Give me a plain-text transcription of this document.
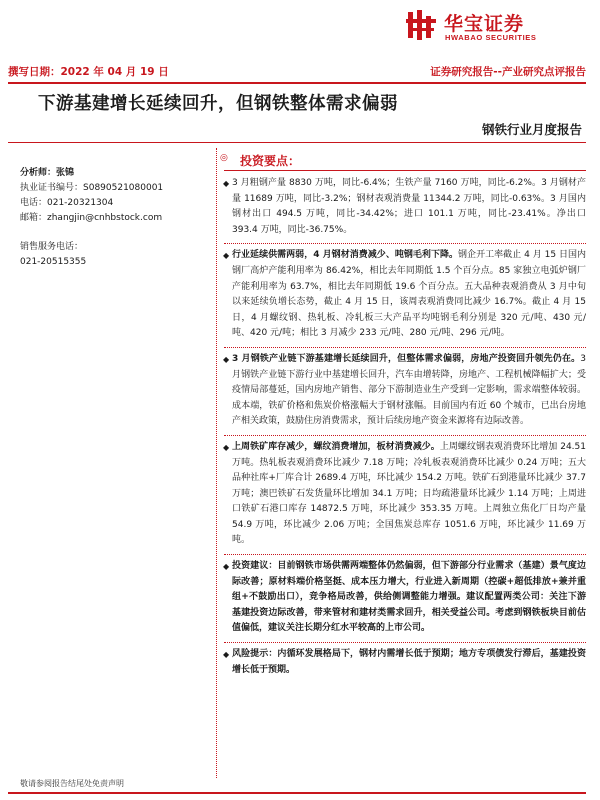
华宝证券
HWABAO SECURITIES
撰写日期：2022 年 04 月 19 日	证券研究报告--产业研究点评报告
下游基建增长延续回升，但钢铁整体需求偏弱
钢铁行业月度报告
分析师：张锦
执业证书编号：S0890521080001
电话：021-20321304
邮箱：zhangjin@cnhbstock.com
销售服务电话：
021-20515355
◎ 投资要点：
◆ 3 月粗钢产量 8830 万吨，同比-6.4%；生铁产量 7160 万吨，同比-6.2%。3 月钢材产量 11689 万吨，同比-3.2%；钢材表观消费量 11344.2 万吨，同比-0.63%。3 月国内钢材出口 494.5 万吨，同比-34.42%；进口 101.1 万吨，同比-23.41%。净出口 393.4 万吨，同比-36.75%。
◆ 行业延续供需两弱，4 月钢材消费减少、吨钢毛利下降。钢企开工率截止 4 月 15 日国内钢厂高炉产能利用率为 86.42%，相比去年同期低 1.5 个百分点。85 家独立电弧炉钢厂产能利用率为 63.7%，相比去年同期低 19.6 个百分点。五大品种表观消费从 3 月中旬以来延续负增长态势，截止 4 月 15 日，该周表观消费同比减少 16.7%。截止 4 月 15 日，4 月螺纹钢、热轧板、冷轧板三大产品平均吨钢毛利分别是 320 元/吨、430 元/吨、420 元/吨；相比 3 月减少 233 元/吨、280 元/吨、296 元/吨。
◆ 3 月钢铁产业链下游基建增长延续回升，但整体需求偏弱，房地产投资回升领先仍在。3 月钢铁产业链下游行业中基建增长回升，汽车由增转降，房地产、工程机械降幅扩大；受疫情局部蔓延，国内房地产销售、部分下游制造业生产受到一定影响，需求端整体较弱。成本端，铁矿价格和焦炭价格涨幅大于钢材涨幅。目前国内有近 60 个城市，已出台房地产相关政策，鼓励住房消费需求，预计后续房地产资金来源将有边际改善。
◆ 上周铁矿库存减少，螺纹消费增加，板材消费减少。上周螺纹钢表观消费环比增加 24.51 万吨。热轧板表观消费环比减少 7.18 万吨；冷轧板表观消费环比减少 0.24 万吨；五大品种社库+厂库合计 2689.4 万吨，环比减少 154.2 万吨。铁矿石到港量环比减少 37.7 万吨；澳巴铁矿石发货量环比增加 34.1 万吨；日均疏港量环比减少 1.14 万吨；上周进口铁矿石港口库存 14872.5 万吨，环比减少 353.35 万吨。上周独立焦化厂日均产量 54.9 万吨，环比减少 2.06 万吨；全国焦炭总库存 1051.6 万吨，环比减少 11.69 万吨。
◆ 投资建议：目前钢铁市场供需两端整体仍然偏弱，但下游部分行业需求（基建）景气度边际改善；原材料端价格坚挺、成本压力增大，行业进入新周期（控碳+超低排放+兼并重组+不鼓励出口），竞争格局改善，供给侧调整能力增强。建议配置两类公司：关注下游基建投资边际改善，带来管材和建材类需求回升，相关受益公司。考虑到钢铁板块目前估值偏低，建议关注长期分红水平较高的上市公司。
◆ 风险提示：内循环发展格局下，钢材内需增长低于预期；地方专项债发行滞后，基建投资增长低于预期。
敬请参阅报告结尾处免责声明
